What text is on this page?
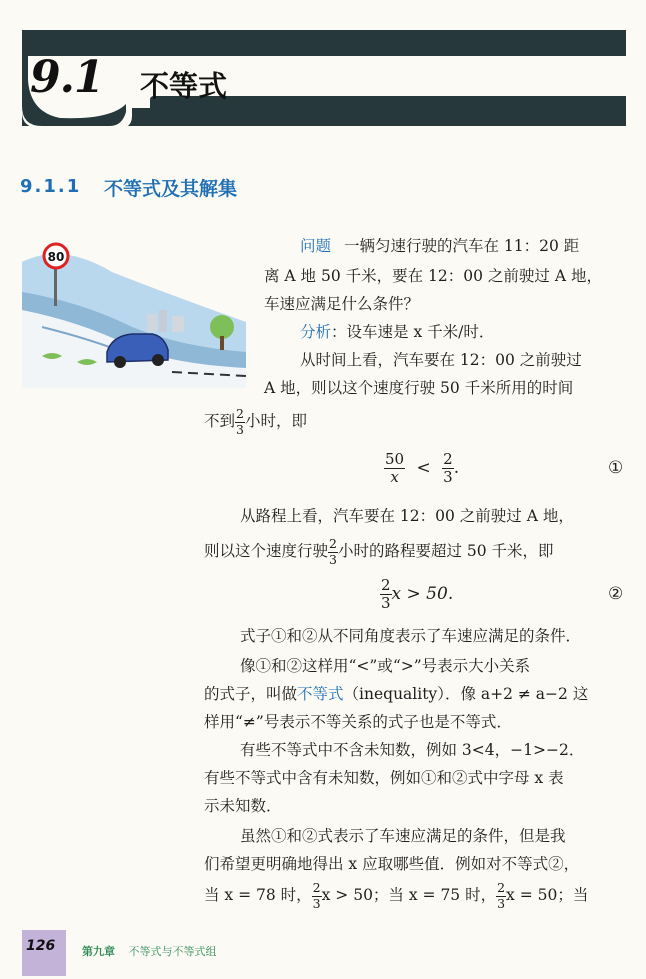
9.1 不等式
9.1.1 不等式及其解集
80
问题 一辆匀速行驶的汽车在 11：20 距
离 A 地 50 千米，要在 12：00 之前驶过 A 地，
车速应满足什么条件？
分析：设车速是 x 千米/时．
从时间上看，汽车要在 12：00 之前驶过
A 地，则以这个速度行驶 50 千米所用的时间
不到 $\frac{2}{3}$ 小时，即
$\frac{50}{x} < \frac{2}{3}$ .	①
从路程上看，汽车要在 12：00 之前驶过 A 地，
则以这个速度行驶 $\frac{2}{3}$ 小时的路程要超过 50 千米，即
$\frac{2}{3}$ x > 50.	②
式子①和②从不同角度表示了车速应满足的条件．
像①和②这样用“<”或“>”号表示大小关系
的式子，叫做不等式（inequality）．像 a+2 ≠ a−2 这
样用“≠”号表示不等关系的式子也是不等式．
有些不等式中不含未知数，例如 3<4，−1>−2．
有些不等式中含有未知数，例如①和②式中字母 x 表
示未知数．
虽然①和②式表示了车速应满足的条件，但是我
们希望更明确地得出 x 应取哪些值．例如对不等式②，
当 x = 78 时， $\frac{2}{3}$ x > 50；当 x = 75 时， $\frac{2}{3}$ x = 50；当
126 第九章 不等式与不等式组
